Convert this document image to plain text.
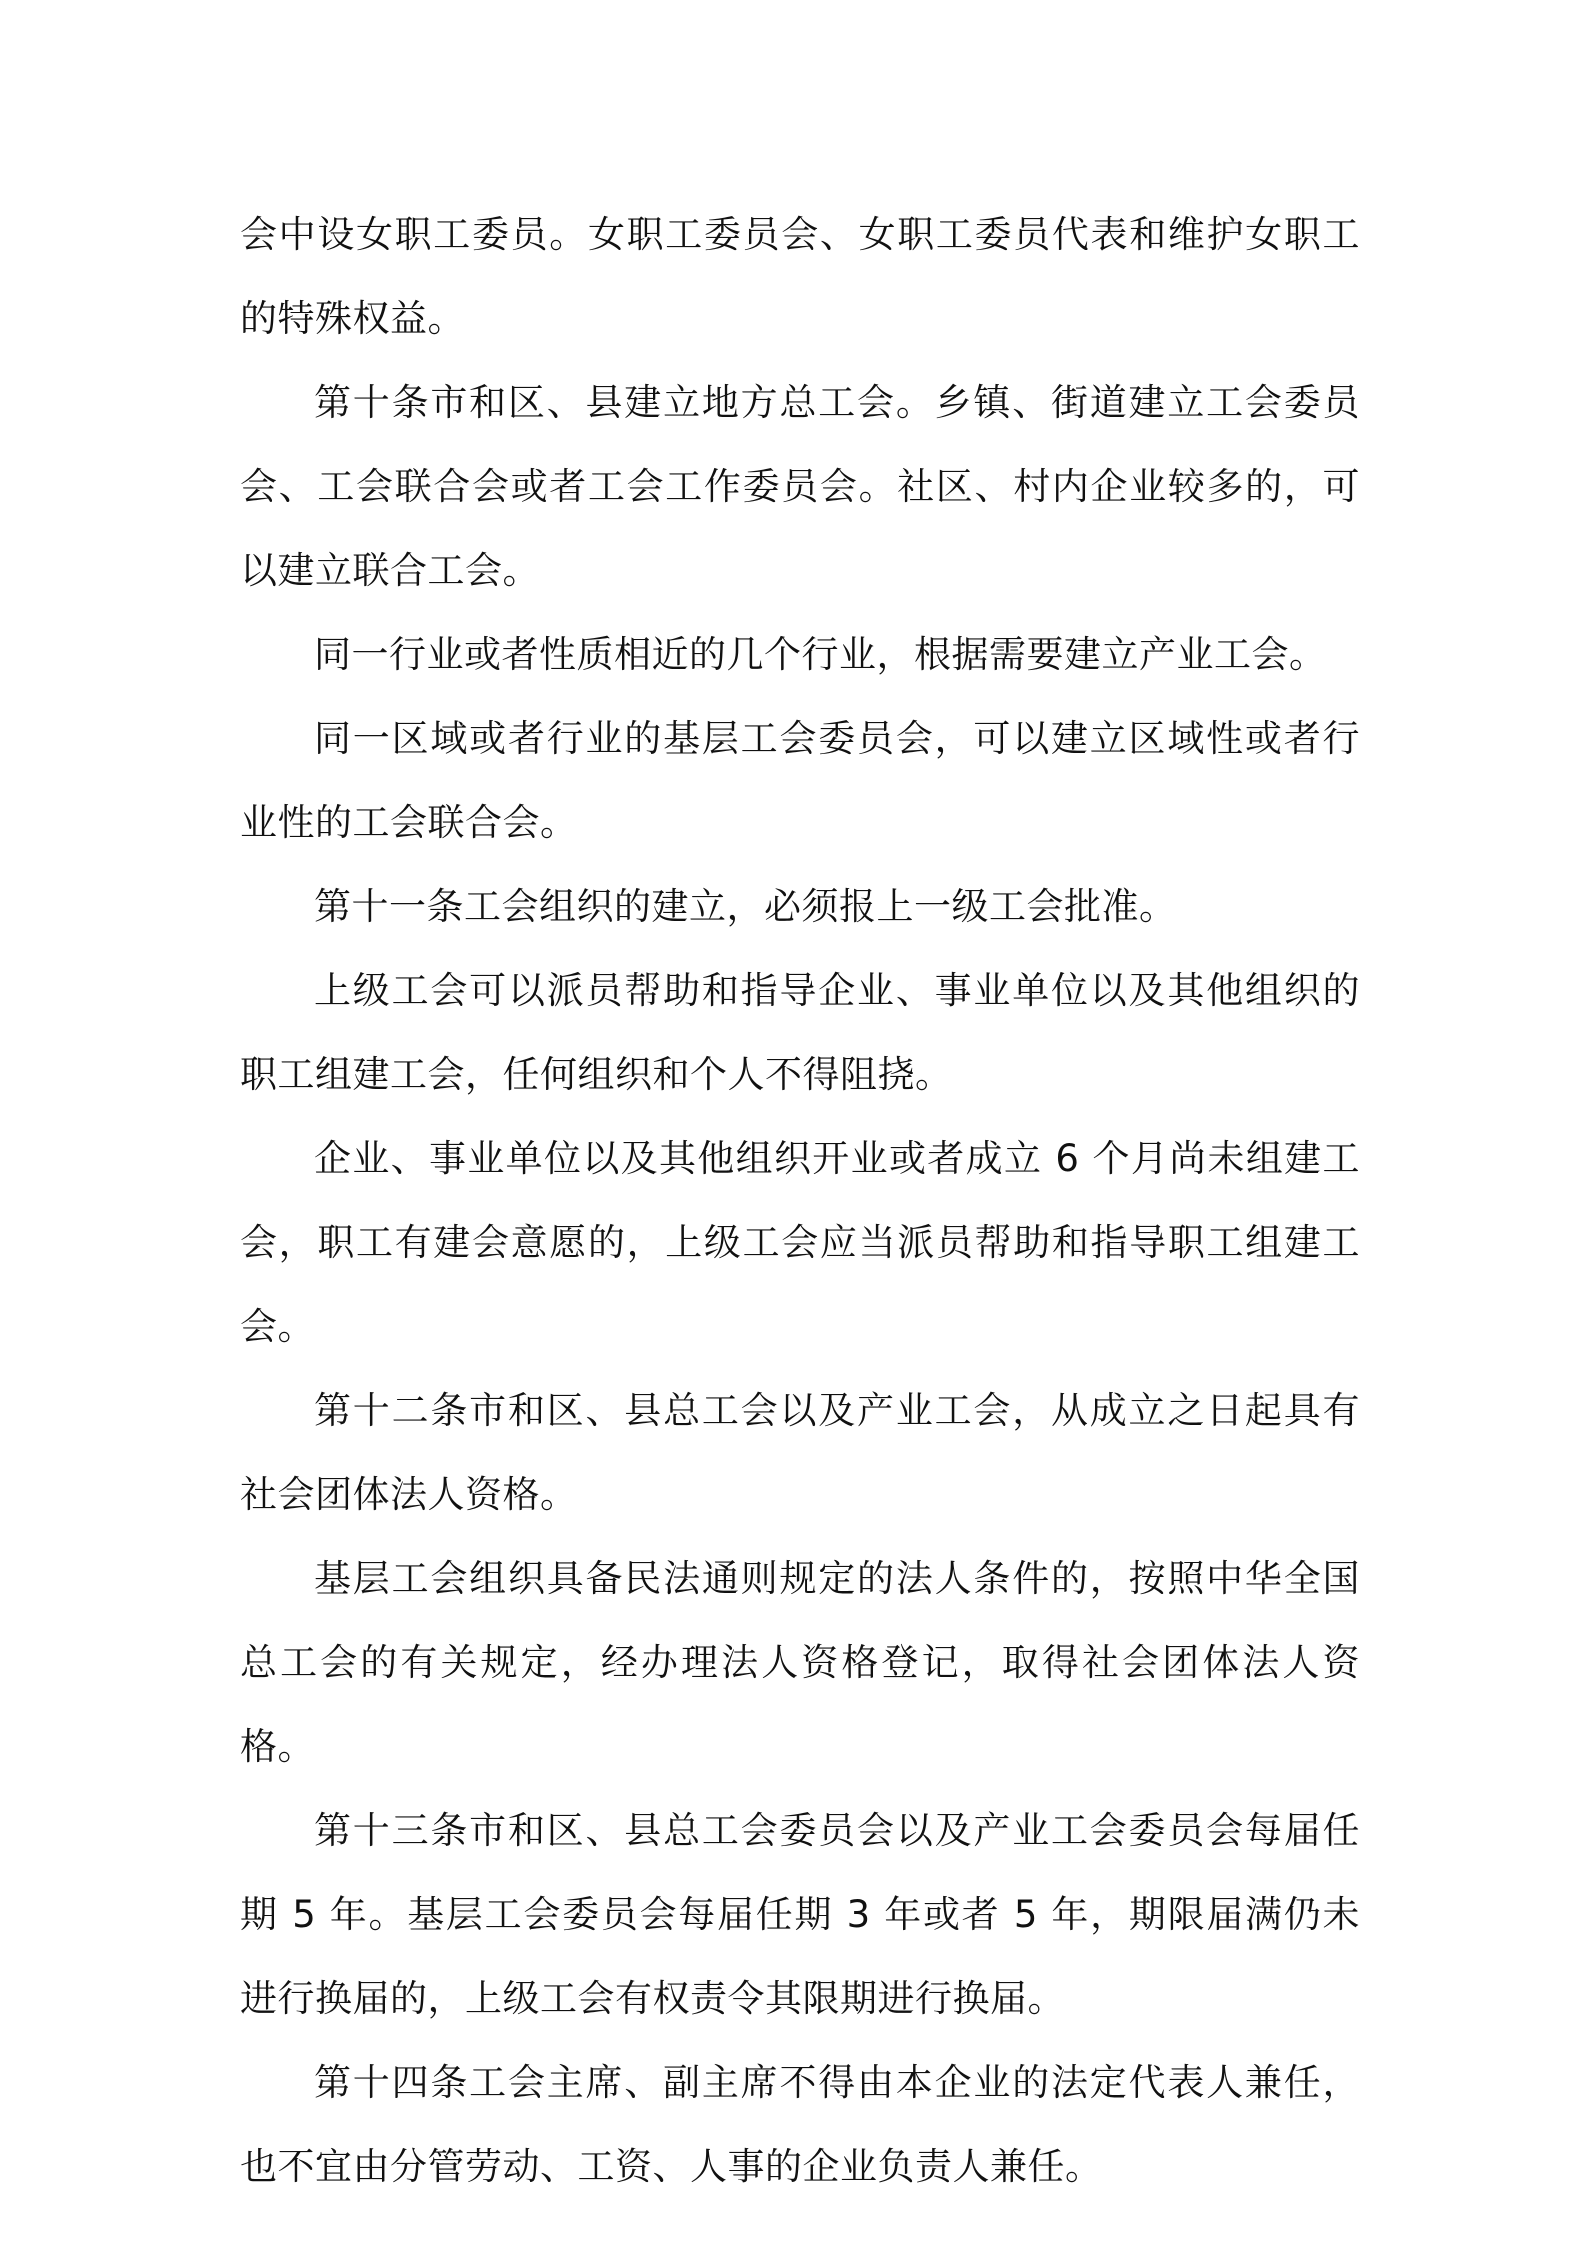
会中设女职工委员。女职工委员会、女职工委员代表和维护女职工的特殊权益。

第十条市和区、县建立地方总工会。乡镇、街道建立工会委员会、工会联合会或者工会工作委员会。社区、村内企业较多的，可以建立联合工会。

同一行业或者性质相近的几个行业，根据需要建立产业工会。

同一区域或者行业的基层工会委员会，可以建立区域性或者行业性的工会联合会。

第十一条工会组织的建立，必须报上一级工会批准。

上级工会可以派员帮助和指导企业、事业单位以及其他组织的职工组建工会，任何组织和个人不得阻挠。

企业、事业单位以及其他组织开业或者成立 6 个月尚未组建工会，职工有建会意愿的，上级工会应当派员帮助和指导职工组建工会。

第十二条市和区、县总工会以及产业工会，从成立之日起具有社会团体法人资格。

基层工会组织具备民法通则规定的法人条件的，按照中华全国总工会的有关规定，经办理法人资格登记，取得社会团体法人资格。

第十三条市和区、县总工会委员会以及产业工会委员会每届任期 5 年。基层工会委员会每届任期 3 年或者 5 年，期限届满仍未进行换届的，上级工会有权责令其限期进行换届。

第十四条工会主席、副主席不得由本企业的法定代表人兼任，也不宜由分管劳动、工资、人事的企业负责人兼任。
